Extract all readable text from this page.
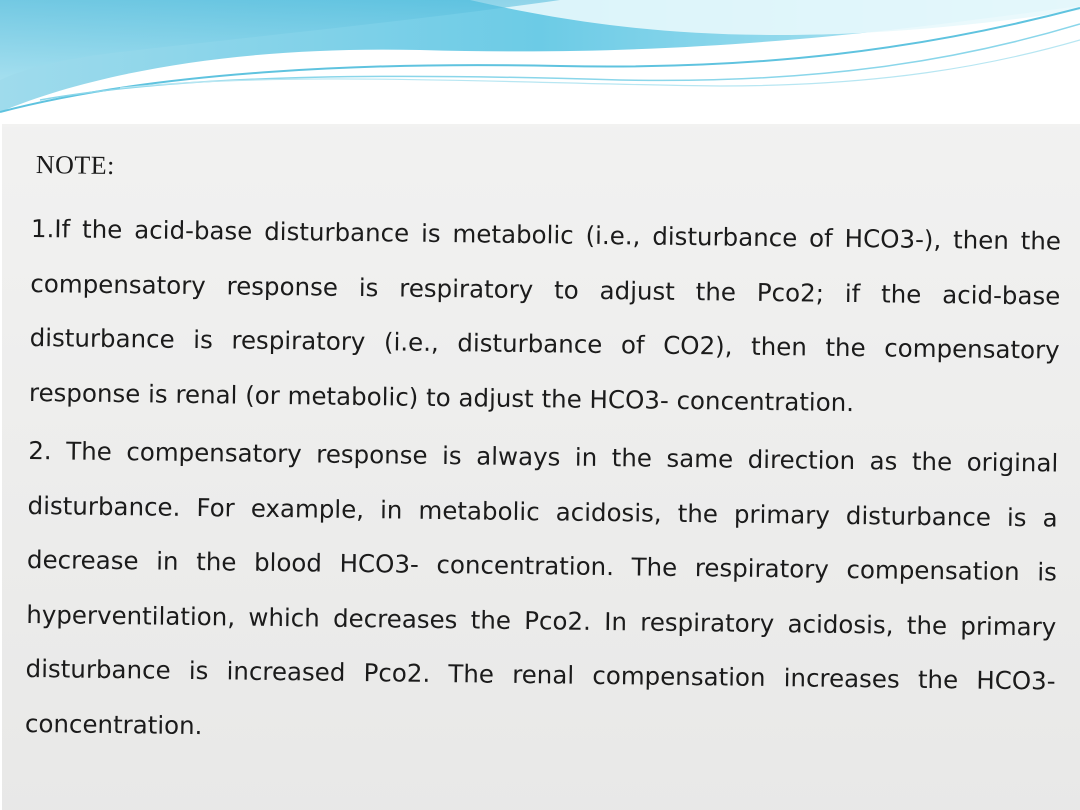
NOTE:

1.If the acid-base disturbance is metabolic (i.e., disturbance of HCO3-), then the compensatory response is respiratory to adjust the Pco2; if the acid-base disturbance is respiratory (i.e., disturbance of CO2), then the compensatory response is renal (or metabolic) to adjust the HCO3- concentration.

2. The compensatory response is always in the same direction as the original disturbance. For example, in metabolic acidosis, the primary disturbance is a decrease in the blood HCO3- concentration. The respiratory compensation is hyperventilation, which decreases the Pco2. In respiratory acidosis, the primary disturbance is increased Pco2. The renal compensation increases the HCO3- concentration.
